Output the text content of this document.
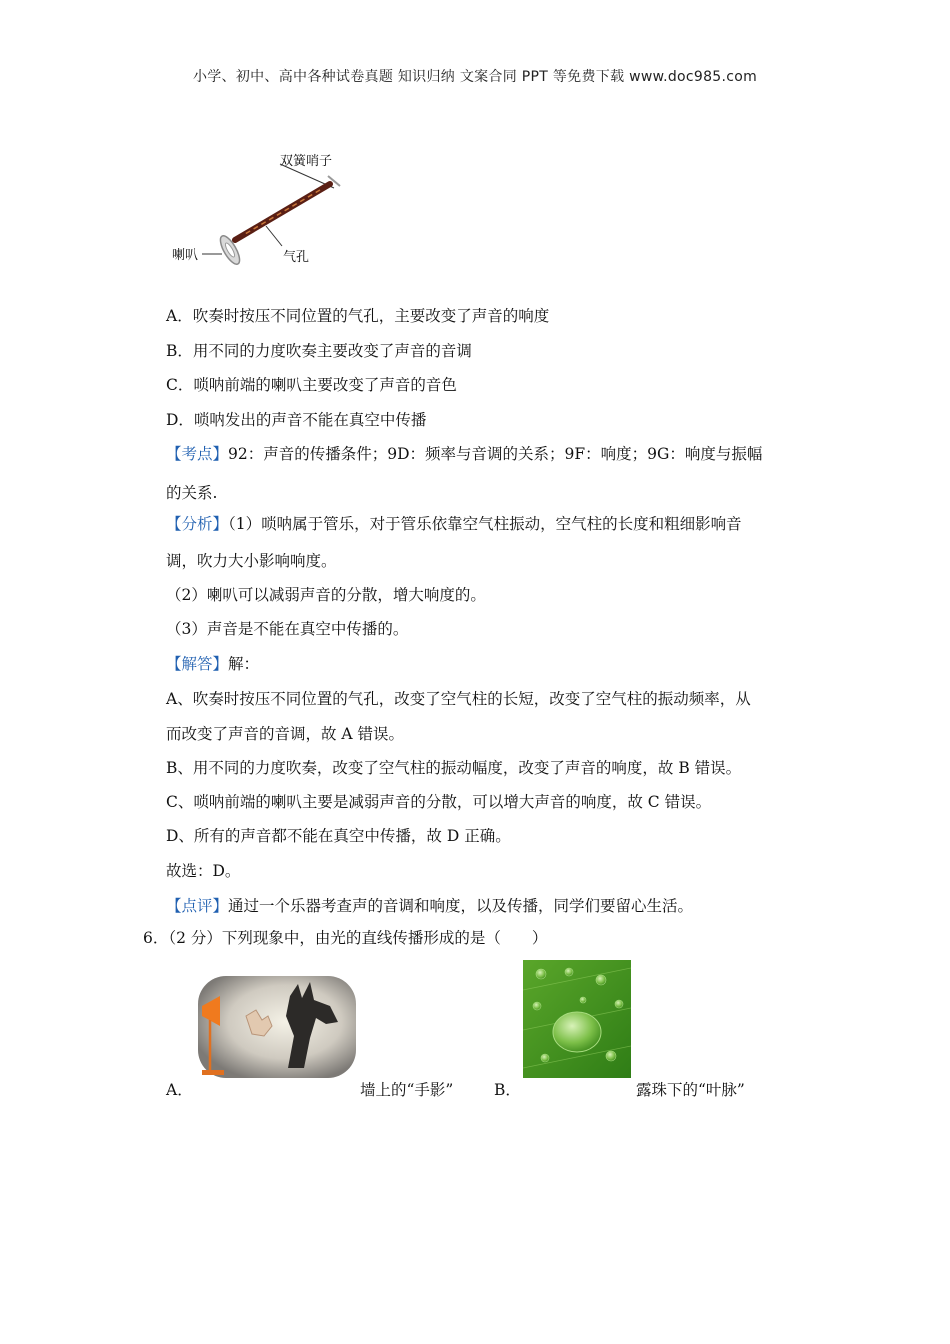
小学、初中、高中各种试卷真题 知识归纳 文案合同 PPT 等免费下载 www.doc985.com
双簧哨子
喇叭	气孔
A．吹奏时按压不同位置的气孔，主要改变了声音的响度
B．用不同的力度吹奏主要改变了声音的音调
C．唢呐前端的喇叭主要改变了声音的音色
D．唢呐发出的声音不能在真空中传播
【考点】92：声音的传播条件；9D：频率与音调的关系；9F：响度；9G：响度与振幅
的关系.
【分析】（1）唢呐属于管乐，对于管乐依靠空气柱振动，空气柱的长度和粗细影响音
调，吹力大小影响响度。
（2）喇叭可以减弱声音的分散，增大响度的。
（3）声音是不能在真空中传播的。
【解答】解：
A、吹奏时按压不同位置的气孔，改变了空气柱的长短，改变了空气柱的振动频率，从
而改变了声音的音调，故 A 错误。
B、用不同的力度吹奏，改变了空气柱的振动幅度，改变了声音的响度，故 B 错误。
C、唢呐前端的喇叭主要是减弱声音的分散，可以增大声音的响度，故 C 错误。
D、所有的声音都不能在真空中传播，故 D 正确。
故选：D。
【点评】通过一个乐器考查声的音调和响度，以及传播，同学们要留心生活。
6．（2 分）下列现象中，由光的直线传播形成的是（　　）
A．	墙上的“手影”	B．	露珠下的“叶脉”
